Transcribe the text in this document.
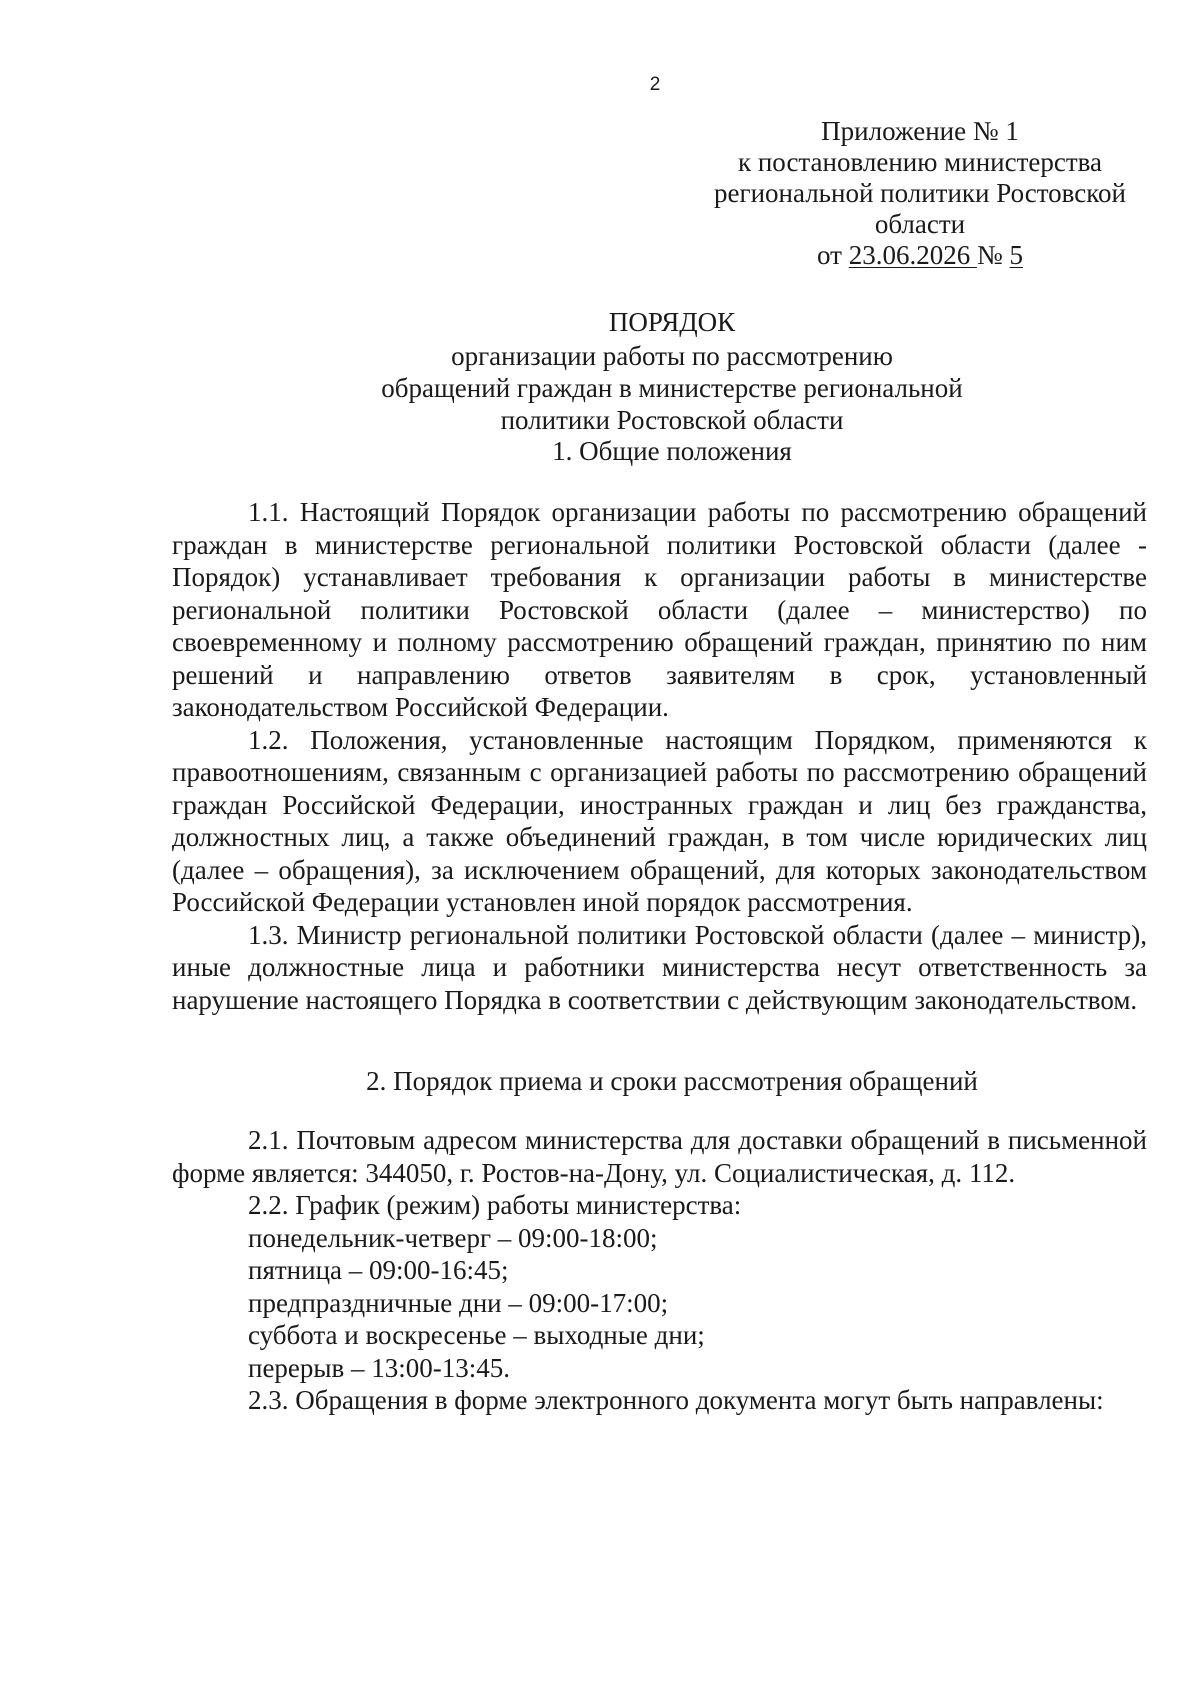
2
Приложение № 1
к постановлению министерства
региональной политики Ростовской
области
от 23.06.2026 № 5
ПОРЯДОК
организации работы по рассмотрению
обращений граждан в министерстве региональной
политики Ростовской области
1. Общие положения

1.1. Настоящий Порядок организации работы по рассмотрению обращений граждан в министерстве региональной политики Ростовской области (далее - Порядок) устанавливает требования к организации работы в министерстве региональной политики Ростовской области (далее – министерство) по своевременному и полному рассмотрению обращений граждан, принятию по ним решений и направлению ответов заявителям в срок, установленный законодательством Российской Федерации.

1.2. Положения, установленные настоящим Порядком, применяются к правоотношениям, связанным с организацией работы по рассмотрению обращений граждан Российской Федерации, иностранных граждан и лиц без гражданства, должностных лиц, а также объединений граждан, в том числе юридических лиц (далее – обращения), за исключением обращений, для которых законодательством Российской Федерации установлен иной порядок рассмотрения.

1.3. Министр региональной политики Ростовской области (далее – министр), иные должностные лица и работники министерства несут ответственность за нарушение настоящего Порядка в соответствии с действующим законодательством.

2. Порядок приема и сроки рассмотрения обращений

2.1. Почтовым адресом министерства для доставки обращений в письменной форме является: 344050, г. Ростов-на-Дону, ул. Социалистическая, д. 112.

2.2. График (режим) работы министерства:

понедельник-четверг – 09:00-18:00;
пятница – 09:00-16:45;
предпраздничные дни – 09:00-17:00;
суббота и воскресенье – выходные дни;
перерыв – 13:00-13:45.

2.3. Обращения в форме электронного документа могут быть направлены:
